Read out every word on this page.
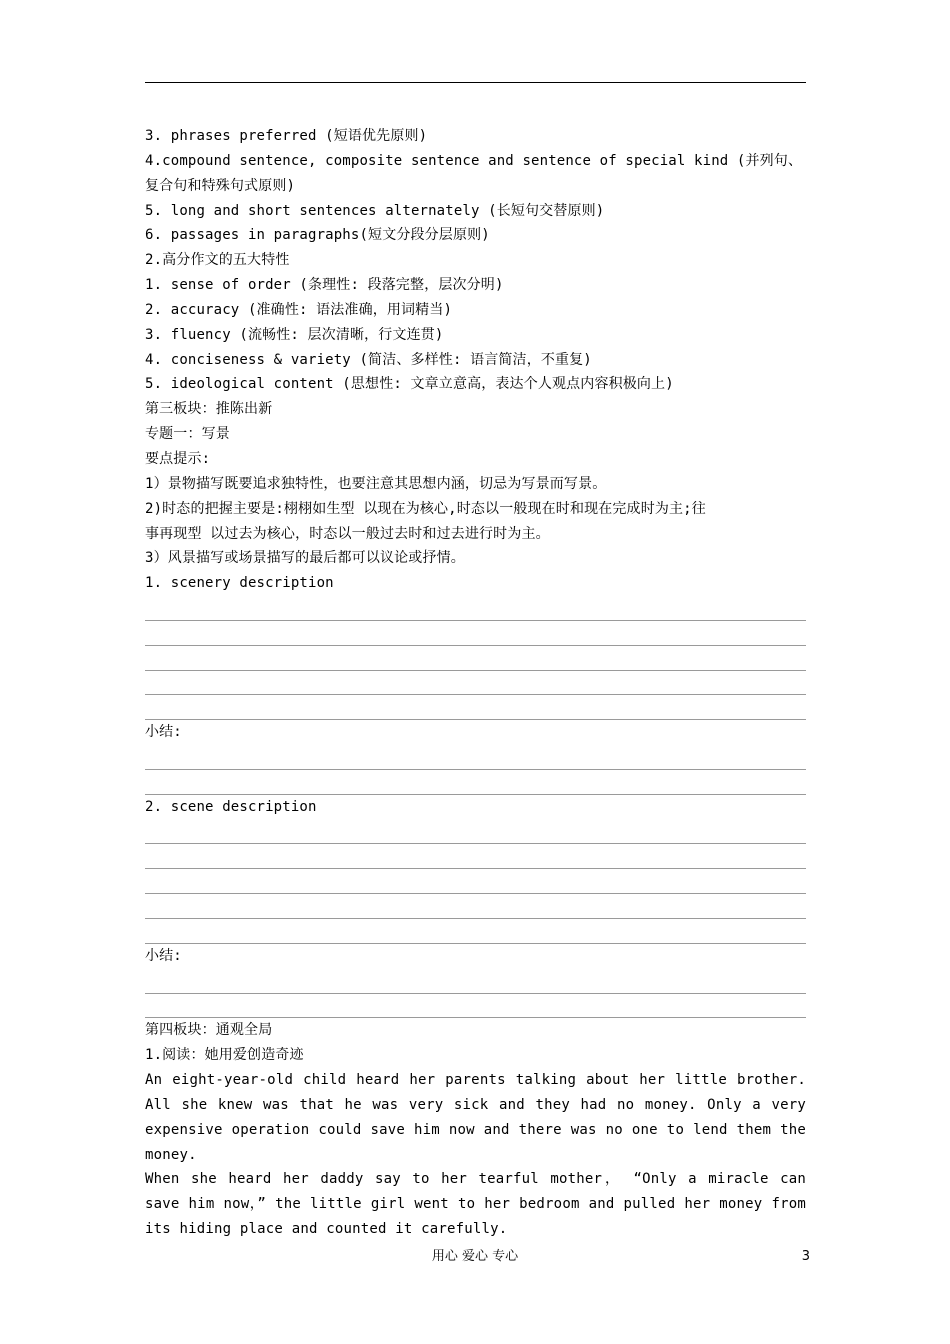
3. phrases preferred (短语优先原则)
4.compound sentence, composite sentence and sentence of special kind (并列句、
复合句和特殊句式原则)
5. long and short sentences alternately (长短句交替原则)
6. passages in paragraphs(短文分段分层原则)
2.高分作文的五大特性
1. sense of order (条理性: 段落完整，层次分明)
2. accuracy (准确性: 语法准确，用词精当)
3. fluency (流畅性: 层次清晰，行文连贯)
4. conciseness & variety (简洁、多样性: 语言简洁，不重复)
5. ideological content (思想性: 文章立意高，表达个人观点内容积极向上)
第三板块：推陈出新
专题一：写景
要点提示:
1）景物描写既要追求独特性，也要注意其思想内涵，切忌为写景而写景。
2)时态的把握主要是:栩栩如生型 以现在为核心,时态以一般现在时和现在完成时为主;往
事再现型 以过去为核心，时态以一般过去时和过去进行时为主。
3）风景描写或场景描写的最后都可以议论或抒情。
1. scenery description
小结:
2. scene description
小结:
第四板块：通观全局
1.阅读：她用爱创造奇迹
An eight-year-old child heard her parents talking about her little brother. All she knew was that he was very sick and they had no money. Only a very expensive operation could save him now and there was no one to lend them the money.
When she heard her daddy say to her tearful mother， “Only a miracle can save him now，” the little girl went to her bedroom and pulled her money from its hiding place and counted it carefully.
用心 爱心 专心	3
